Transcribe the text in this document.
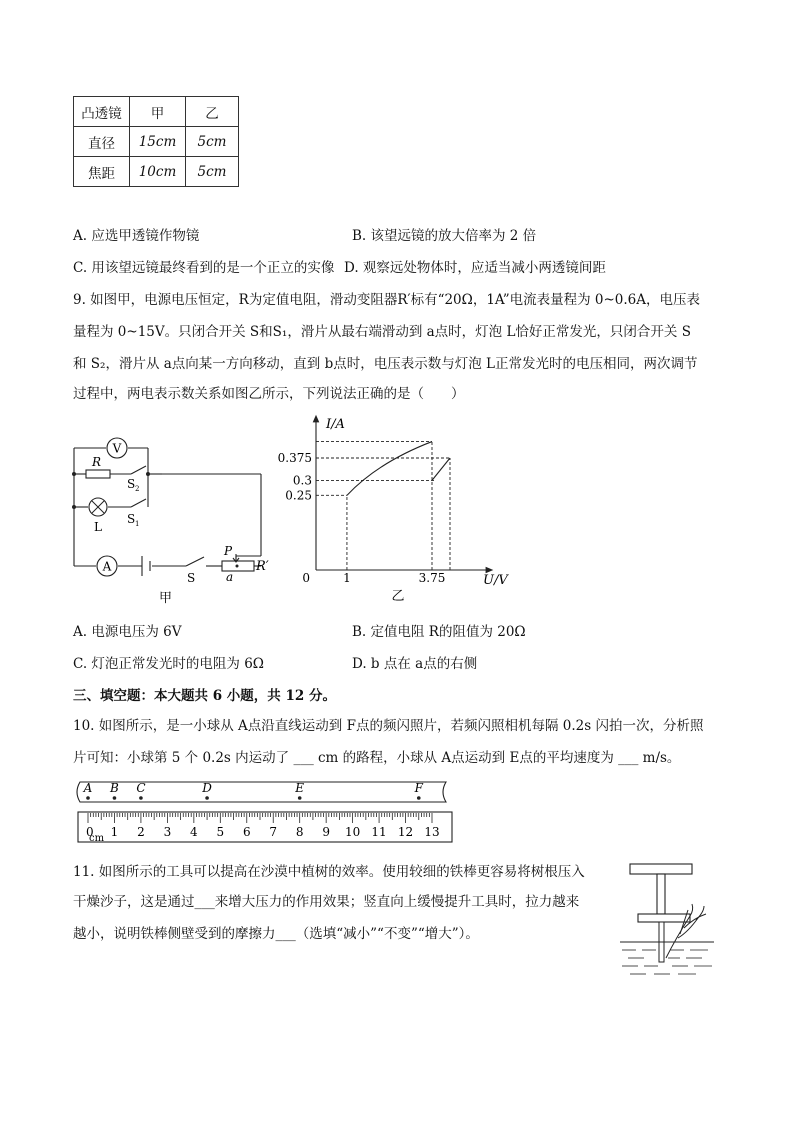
凸透镜	甲	乙
直径	15cm	5cm
焦距	10cm	5cm
A. 应选甲透镜作物镜	B. 该望远镜的放大倍率为 2 倍
C. 用该望远镜最终看到的是一个正立的实像 D. 观察远处物体时，应适当减小两透镜间距
9. 如图甲，电源电压恒定，R为定值电阻，滑动变阻器R′标有“20Ω，1A”电流表量程为 0~0.6A，电压表
量程为 0~15V。只闭合开关 S和S₁，滑片从最右端滑动到 a点时，灯泡 L恰好正常发光，只闭合开关 S
和 S₂，滑片从 a点向某一方向移动，直到 b点时，电压表示数与灯泡 L正常发光时的电压相同，两次调节
过程中，两电表示数关系如图乙所示，下列说法正确的是（　　）
V
R
L
S 2
S 1
A
S
P
a
R′
甲
I/A
U/V
0
0.25
0.3
0.375
1	3.75
乙
A. 电源电压为 6V	B. 定值电阻 R的阻值为 20Ω
C. 灯泡正常发光时的电阻为 6Ω	D. b 点在 a点的右侧
三、填空题：本大题共 6 小题，共 12 分。
10. 如图所示，是一小球从 A点沿直线运动到 F点的频闪照片，若频闪照相机每隔 0.2s 闪拍一次，分析照
片可知：小球第 5 个 0.2s 内运动了 ___ cm 的路程，小球从 A点运动到 E点的平均速度为 ___ m/s。
A B C	D	E	F
0 1 2 3 4 5 6 7 8 9 10 11 12 13
cm
11. 如图所示的工具可以提高在沙漠中植树的效率。使用较细的铁棒更容易将树根压入
干燥沙子，这是通过___来增大压力的作用效果；竖直向上缓慢提升工具时，拉力越来
越小，说明铁棒侧壁受到的摩擦力___（选填“减小”“不变”“增大”）。
